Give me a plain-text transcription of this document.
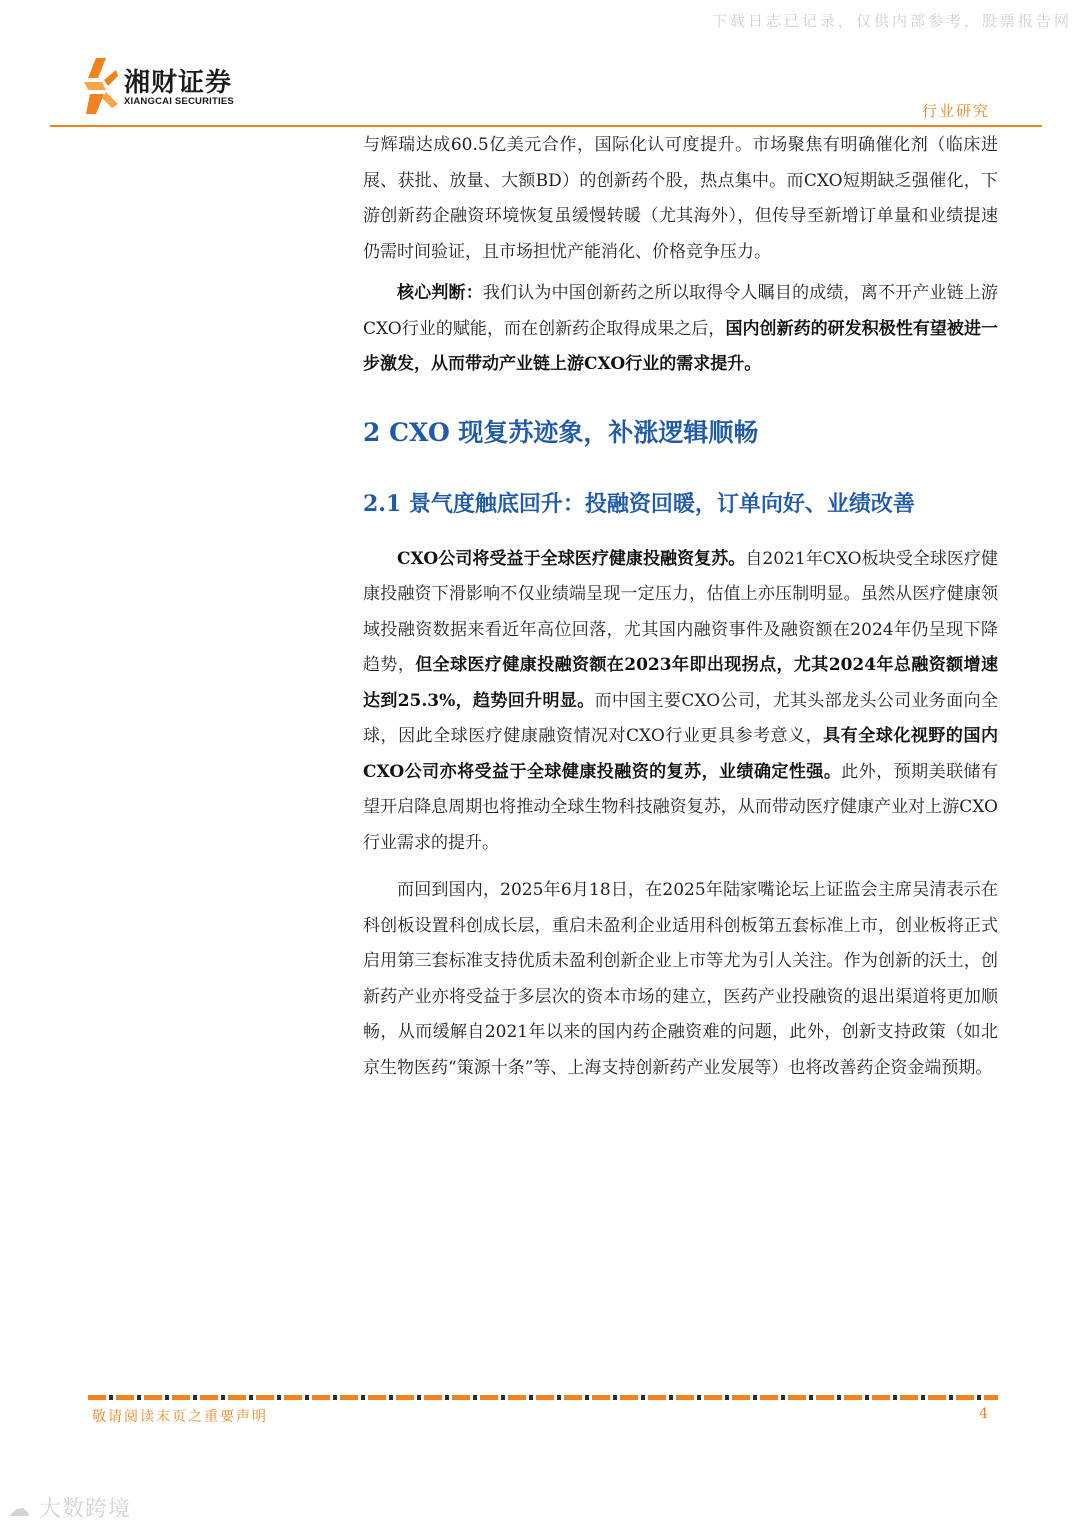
下载日志已记录，仅供内部参考，股票报告网
湘财证券
XIANGCAI SECURITIES
行业研究

与辉瑞达成60.5亿美元合作，国际化认可度提升。市场聚焦有明确催化剂（临床进展、获批、放量、大额BD）的创新药个股，热点集中。而CXO短期缺乏强催化，下游创新药企融资环境恢复虽缓慢转暖（尤其海外），但传导至新增订单量和业绩提速仍需时间验证，且市场担忧产能消化、价格竞争压力。

核心判断：我们认为中国创新药之所以取得令人瞩目的成绩，离不开产业链上游CXO行业的赋能，而在创新药企取得成果之后，国内创新药的研发积极性有望被进一步激发，从而带动产业链上游CXO行业的需求提升。

2 CXO 现复苏迹象，补涨逻辑顺畅

2.1 景气度触底回升：投融资回暖，订单向好、业绩改善

CXO公司将受益于全球医疗健康投融资复苏。自2021年CXO板块受全球医疗健康投融资下滑影响不仅业绩端呈现一定压力，估值上亦压制明显。虽然从医疗健康领域投融资数据来看近年高位回落，尤其国内融资事件及融资额在2024年仍呈现下降趋势，但全球医疗健康投融资额在2023年即出现拐点，尤其2024年总融资额增速达到25.3%，趋势回升明显。而中国主要CXO公司，尤其头部龙头公司业务面向全球，因此全球医疗健康融资情况对CXO行业更具参考意义，具有全球化视野的国内CXO公司亦将受益于全球健康投融资的复苏，业绩确定性强。此外，预期美联储有望开启降息周期也将推动全球生物科技融资复苏，从而带动医疗健康产业对上游CXO行业需求的提升。

而回到国内，2025年6月18日，在2025年陆家嘴论坛上证监会主席吴清表示在科创板设置科创成长层，重启未盈利企业适用科创板第五套标准上市，创业板将正式启用第三套标准支持优质未盈利创新企业上市等尤为引人关注。作为创新的沃土，创新药产业亦将受益于多层次的资本市场的建立，医药产业投融资的退出渠道将更加顺畅，从而缓解自2021年以来的国内药企融资难的问题，此外，创新支持政策（如北京生物医药“策源十条”等、上海支持创新药产业发展等）也将改善药企资金端预期。

敬请阅读末页之重要声明	4
☁ 大数跨境
